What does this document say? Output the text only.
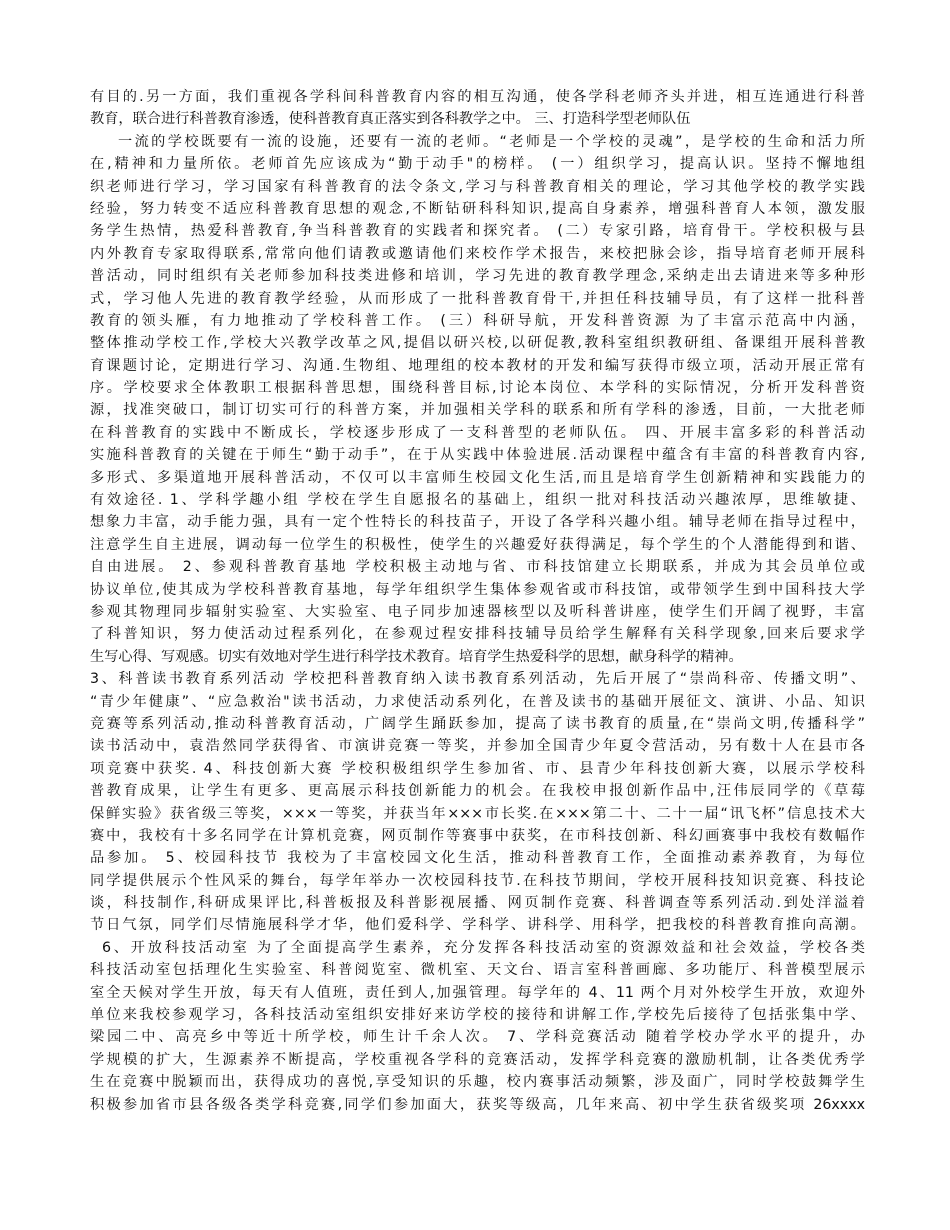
有目的.另一方面，我们重视各学科间科普教育内容的相互沟通，使各学科老师齐头并进，相互连通进行科普
教育，联合进行科普教育渗透，使科普教育真正落实到各科教学之中。 三、打造科学型老师队伍
一流的学校既要有一流的设施，还要有一流的老师。“老师是一个学校的灵魂”，是学校的生命和活力所
在,精神和力量所依。老师首先应该成为“勤于动手"的榜样。 (一）组织学习，提高认识。坚持不懈地组
织老师进行学习，学习国家有科普教育的法令条文,学习与科普教育相关的理论，学习其他学校的教学实践
经验，努力转变不适应科普教育思想的观念,不断钻研科科知识,提高自身素养，增强科普育人本领，激发服
务学生热情，热爱科普教育,争当科普教育的实践者和探究者。 (二）专家引路，培育骨干。学校积极与县
内外教育专家取得联系,常常向他们请教或邀请他们来校作学术报告，来校把脉会诊，指导培育老师开展科
普活动，同时组织有关老师参加科技类进修和培训，学习先进的教育教学理念,采纳走出去请进来等多种形
式，学习他人先进的教育教学经验，从而形成了一批科普教育骨干,并担任科技辅导员，有了这样一批科普
教育的领头雁，有力地推动了学校科普工作。 (三）科研导航，开发科普资源 为了丰富示范高中内涵，
整体推动学校工作,学校大兴教学改革之风,提倡以研兴校,以研促教,教科室组织教研组、备课组开展科普教
育课题讨论，定期进行学习、沟通.生物组、地理组的校本教材的开发和编写获得市级立项，活动开展正常有
序。学校要求全体教职工根据科普思想，围绕科普目标,讨论本岗位、本学科的实际情况，分析开发科普资
源，找准突破口，制订切实可行的科普方案，并加强相关学科的联系和所有学科的渗透，目前，一大批老师
在科普教育的实践中不断成长，学校逐步形成了一支科普型的老师队伍。 四、开展丰富多彩的科普活动
实施科普教育的关键在于师生“勤于动手”，在于从实践中体验进展.活动课程中蕴含有丰富的科普教育内容,
多形式、多渠道地开展科普活动，不仅可以丰富师生校园文化生活,而且是培育学生创新精神和实践能力的
有效途径. 1、学科学趣小组 学校在学生自愿报名的基础上，组织一批对科技活动兴趣浓厚，思维敏捷、
想象力丰富，动手能力强，具有一定个性特长的科技苗子，开设了各学科兴趣小组。辅导老师在指导过程中，
注意学生自主进展，调动每一位学生的积极性，使学生的兴趣爱好获得满足，每个学生的个人潜能得到和谐、
自由进展。 2、参观科普教育基地 学校积极主动地与省、市科技馆建立长期联系，并成为其会员单位或
协议单位,使其成为学校科普教育基地，每学年组织学生集体参观省或市科技馆，或带领学生到中国科技大学
参观其物理同步辐射实验室、大实验室、电子同步加速器核型以及听科普讲座，使学生们开阔了视野，丰富
了科普知识，努力使活动过程系列化，在参观过程安排科技辅导员给学生解释有关科学现象,回来后要求学
生写心得、写观感。切实有效地对学生进行科学技术教育。培育学生热爱科学的思想，献身科学的精神。
3、科普读书教育系列活动 学校把科普教育纳入读书教育系列活动，先后开展了“崇尚科帝、传播文明”、
“青少年健康”、“应急救治"读书活动，力求使活动系列化，在普及读书的基础开展征文、演讲、小品、知识
竞赛等系列活动,推动科普教育活动，广阔学生踊跃参加，提高了读书教育的质量,在“崇尚文明,传播科学”
读书活动中，袁浩然同学获得省、市演讲竞赛一等奖，并参加全国青少年夏令营活动，另有数十人在县市各
项竞赛中获奖. 4、科技创新大赛 学校积极组织学生参加省、市、县青少年科技创新大赛，以展示学校科
普教育成果，让学生有更多、更高展示科技创新能力的机会。在我校申报创新作品中,汪伟辰同学的《草莓
保鲜实验》获省级三等奖，×××一等奖，并获当年×××市长奖.在×××第二十、二十一届“讯飞杯”信息技术大
赛中，我校有十多名同学在计算机竞赛，网页制作等赛事中获奖，在市科技创新、科幻画赛事中我校有数幅作
品参加。 5、校园科技节 我校为了丰富校园文化生活，推动科普教育工作，全面推动素养教育，为每位
同学提供展示个性风采的舞台，每学年举办一次校园科技节.在科技节期间，学校开展科技知识竞赛、科技论
谈，科技制作,科研成果评比,科普板报及科普影视展播、网页制作竞赛、科普调查等系列活动.到处洋溢着
节日气氛，同学们尽情施展科学才华，他们爱科学、学科学、讲科学、用科学，把我校的科普教育推向高潮。
6、开放科技活动室 为了全面提高学生素养，充分发挥各科技活动室的资源效益和社会效益，学校各类
科技活动室包括理化生实验室、科普阅览室、微机室、天文台、语言室科普画廊、多功能厅、科普模型展示
室全天候对学生开放，每天有人值班，责任到人,加强管理。每学年的 4、11 两个月对外校学生开放，欢迎外
单位来我校参观学习，各科技活动室组织安排好来访学校的接待和讲解工作,学校先后接待了包括张集中学、
梁园二中、高亮乡中等近十所学校，师生计千余人次。 7、学科竞赛活动 随着学校办学水平的提升，办
学规模的扩大，生源素养不断提高，学校重视各学科的竞赛活动，发挥学科竞赛的激励机制，让各类优秀学
生在竞赛中脱颖而出，获得成功的喜悦,享受知识的乐趣，校内赛事活动频繁，涉及面广，同时学校鼓舞学生
积极参加省市县各级各类学科竞赛,同学们参加面大，获奖等级高，几年来高、初中学生获省级奖项 26xxxx
